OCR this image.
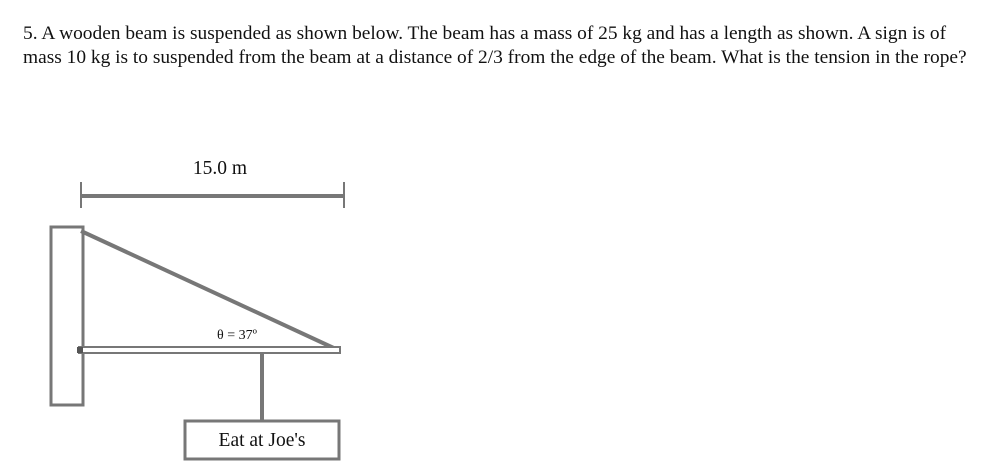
5. A wooden beam is suspended as shown below. The beam has a mass of 25 kg and has a length as shown. A sign is of mass 10 kg is to suspended from the beam at a distance of 2/3 from the edge of the beam. What is the tension in the rope?

15.0 m
θ = 37º
Eat at Joe's
